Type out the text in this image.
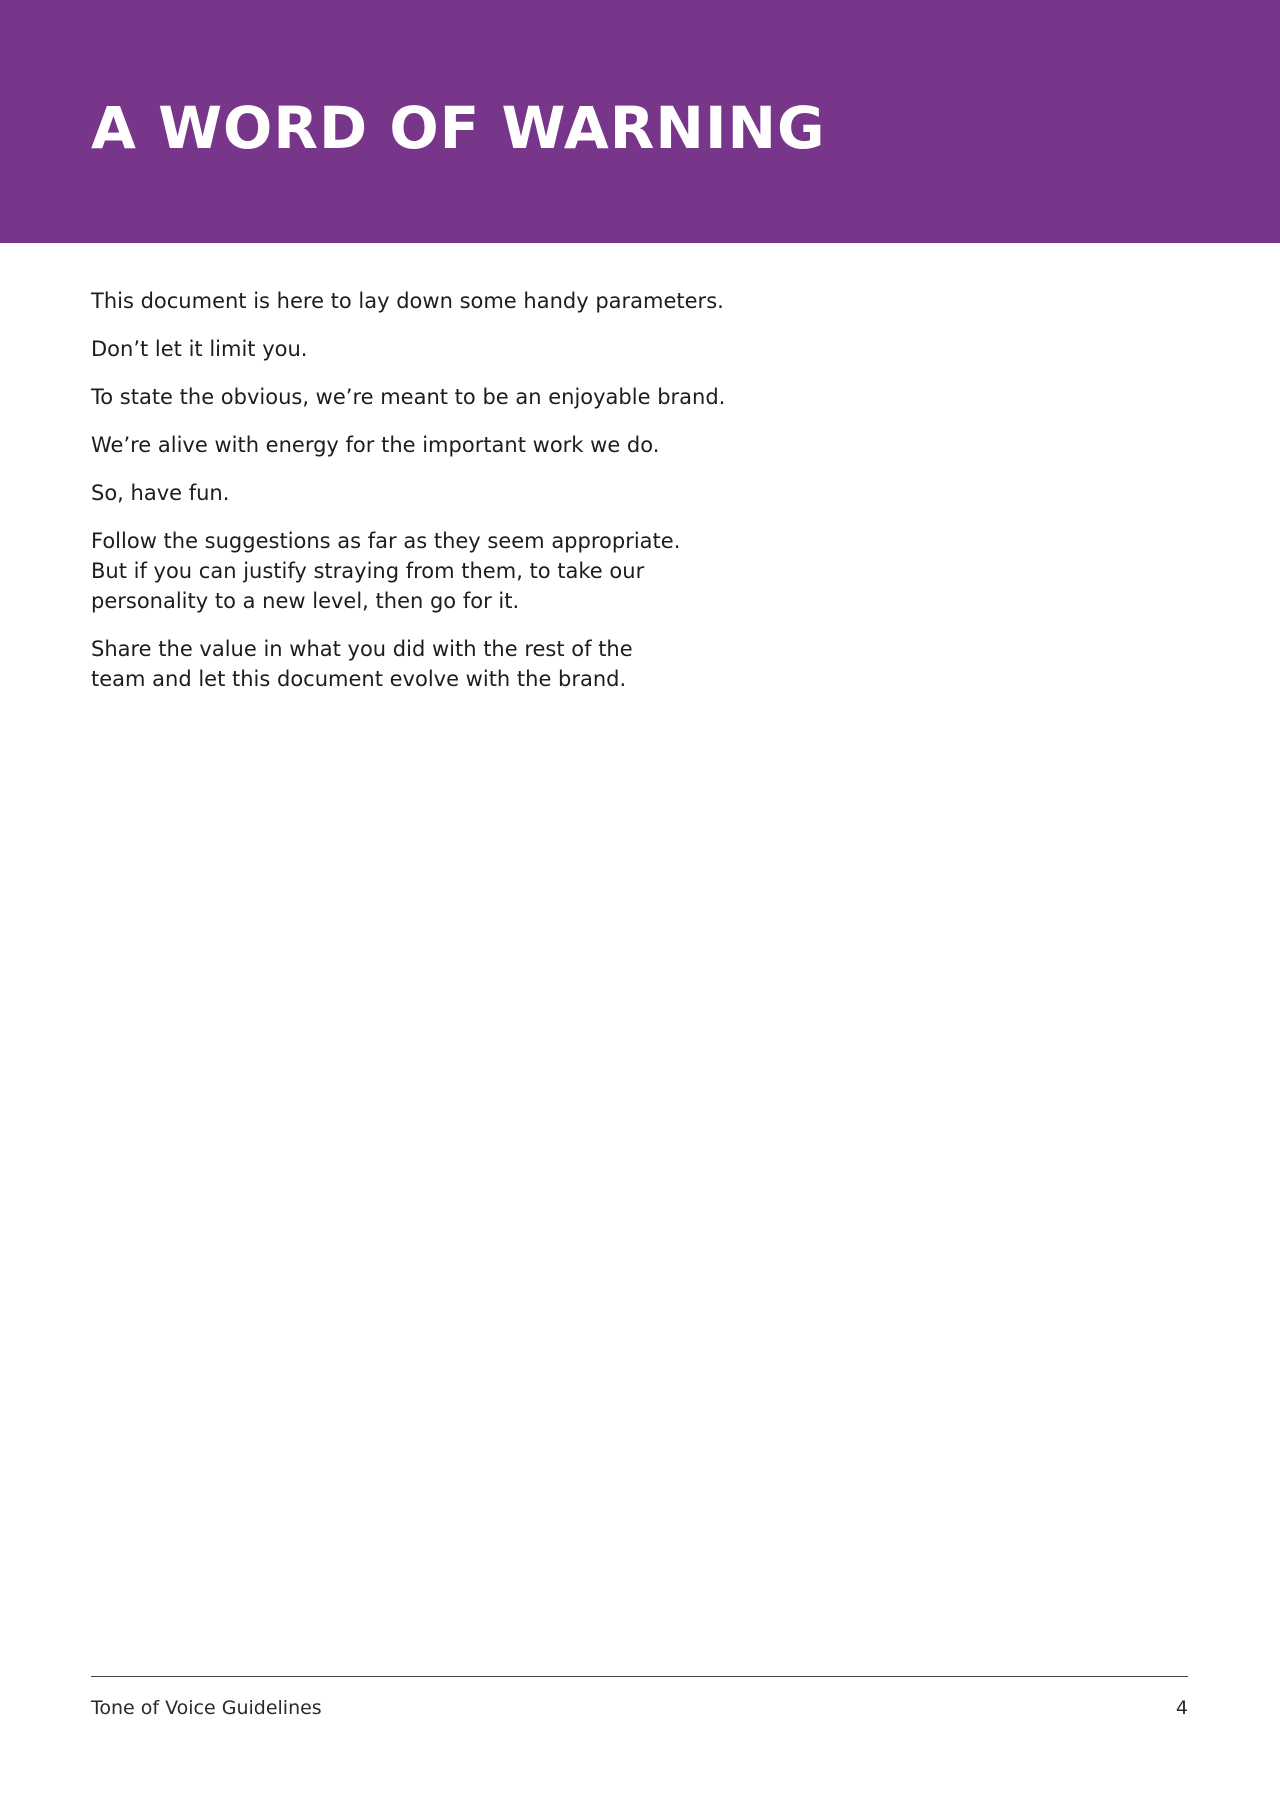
A WORD OF WARNING

This document is here to lay down some handy parameters.

Don’t let it limit you.

To state the obvious, we’re meant to be an enjoyable brand.

We’re alive with energy for the important work we do.

So, have fun.

Follow the suggestions as far as they seem appropriate.
But if you can justify straying from them, to take our
personality to a new level, then go for it.

Share the value in what you did with the rest of the
team and let this document evolve with the brand.

Tone of Voice Guidelines	4
